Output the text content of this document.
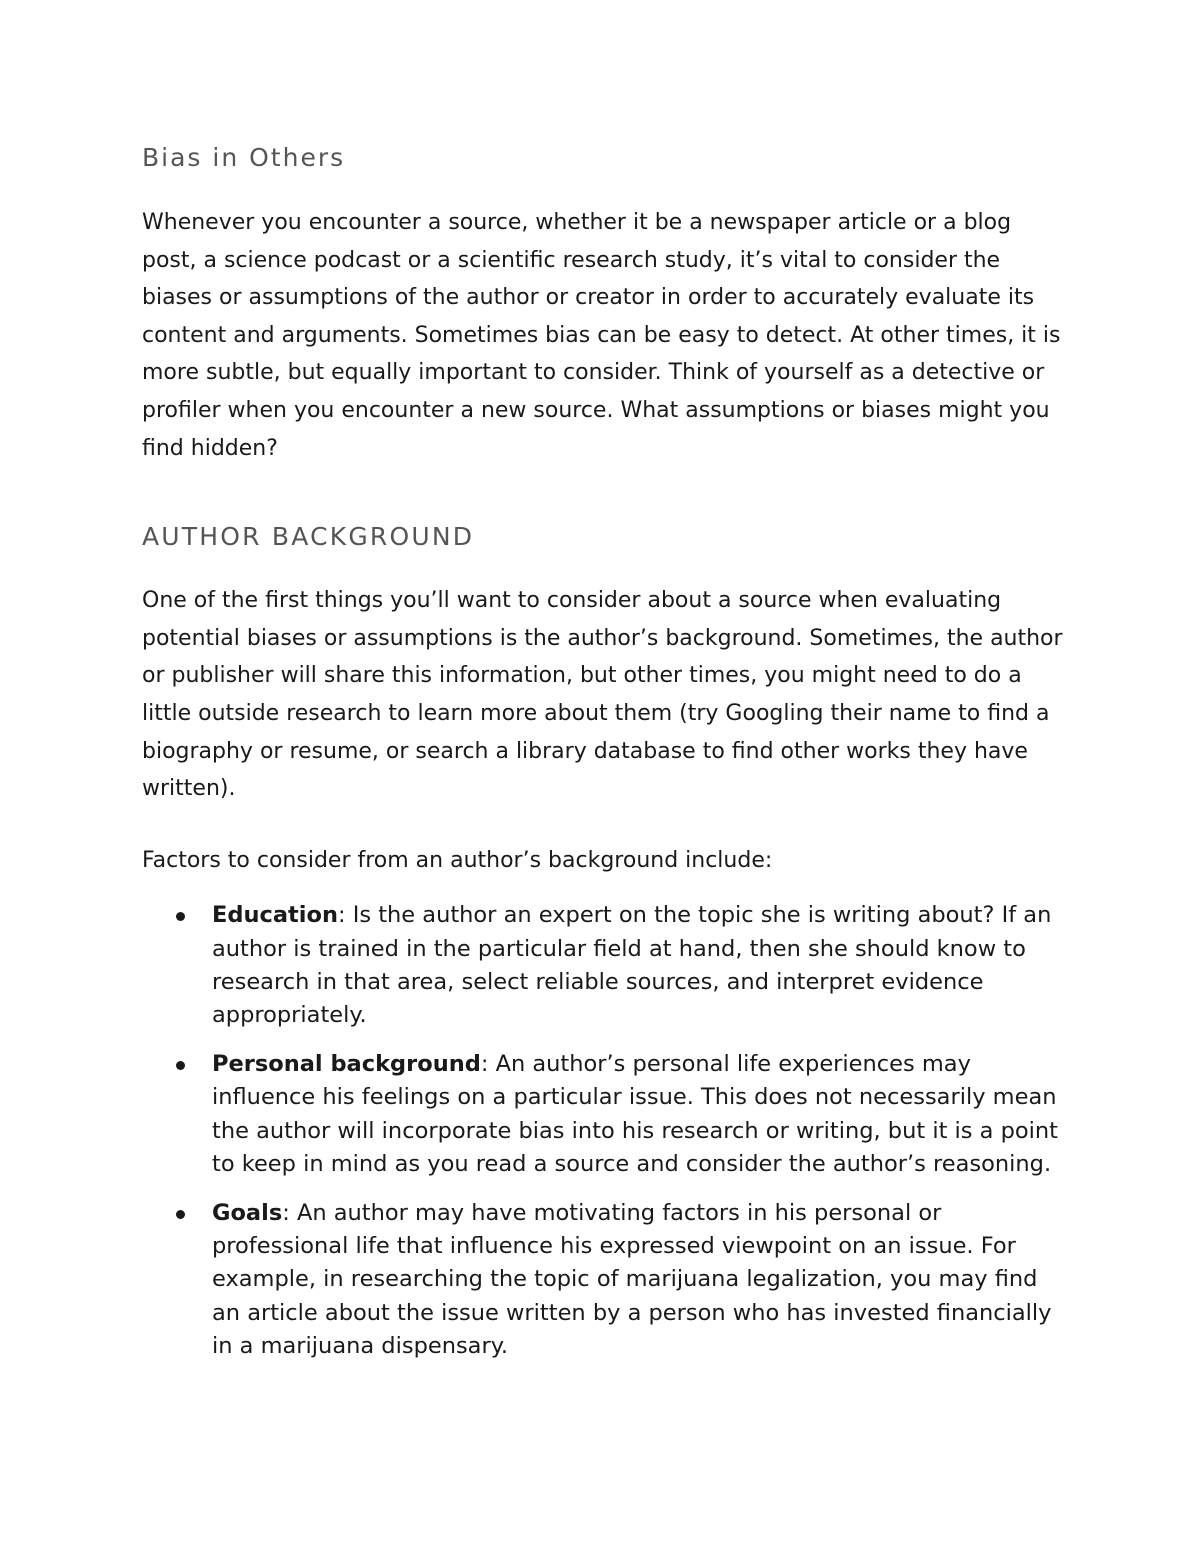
Bias in Others

Whenever you encounter a source, whether it be a newspaper article or a blog post, a science podcast or a scientific research study, it’s vital to consider the biases or assumptions of the author or creator in order to accurately evaluate its content and arguments. Sometimes bias can be easy to detect. At other times, it is more subtle, but equally important to consider. Think of yourself as a detective or profiler when you encounter a new source. What assumptions or biases might you find hidden?

AUTHOR BACKGROUND

One of the first things you’ll want to consider about a source when evaluating potential biases or assumptions is the author’s background. Sometimes, the author or publisher will share this information, but other times, you might need to do a little outside research to learn more about them (try Googling their name to find a biography or resume, or search a library database to find other works they have written).

Factors to consider from an author’s background include:

Education: Is the author an expert on the topic she is writing about? If an author is trained in the particular field at hand, then she should know to research in that area, select reliable sources, and interpret evidence appropriately.
Personal background: An author’s personal life experiences may influence his feelings on a particular issue. This does not necessarily mean the author will incorporate bias into his research or writing, but it is a point to keep in mind as you read a source and consider the author’s reasoning.
Goals: An author may have motivating factors in his personal or professional life that influence his expressed viewpoint on an issue. For example, in researching the topic of marijuana legalization, you may find an article about the issue written by a person who has invested financially in a marijuana dispensary.
